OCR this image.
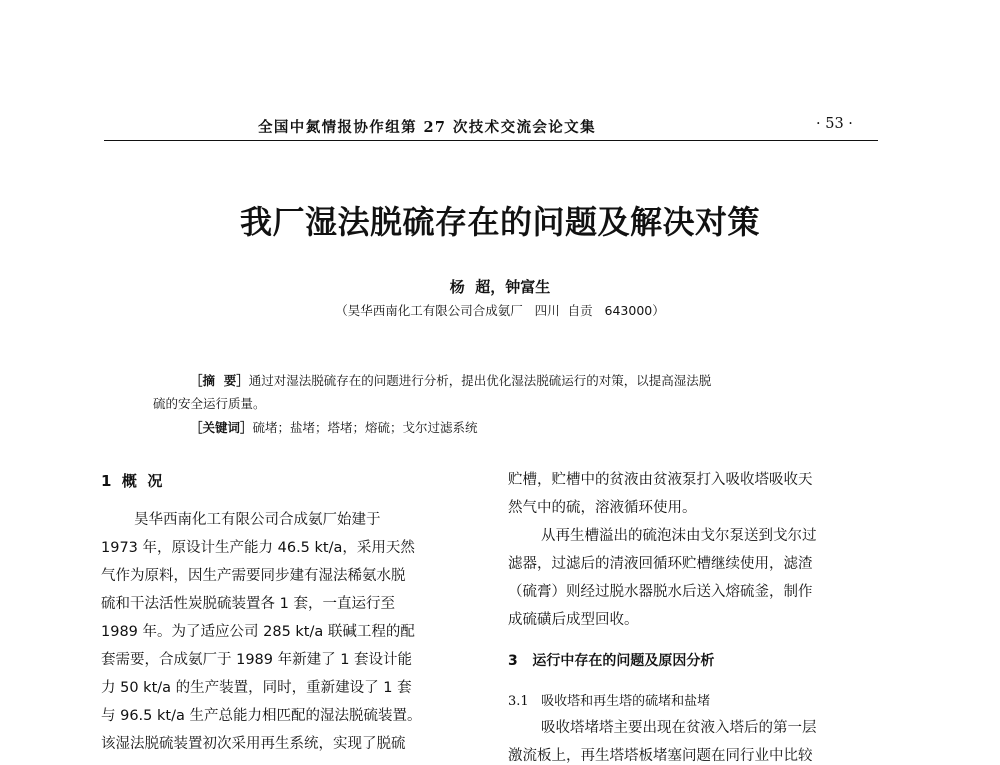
全国中氮情报协作组第 27 次技术交流会论文集	· 53 ·
我厂湿法脱硫存在的问题及解决对策
杨  超，钟富生
（昊华西南化工有限公司合成氨厂   四川  自贡   643000）
［摘  要］通过对湿法脱硫存在的问题进行分析，提出优化湿法脱硫运行的对策，以提高湿法脱
硫的安全运行质量。
［关键词］硫堵；盐堵；塔堵；熔硫；戈尔过滤系统
1  概  况
昊华西南化工有限公司合成氨厂始建于
1973 年，原设计生产能力 46.5 kt/a，采用天然
气作为原料，因生产需要同步建有湿法稀氨水脱
硫和干法活性炭脱硫装置各 1 套，一直运行至
1989 年。为了适应公司 285 kt/a 联碱工程的配
套需要，合成氨厂于 1989 年新建了 1 套设计能
力 50 kt/a 的生产装置，同时，重新建设了 1 套
与 96.5 kt/a 生产总能力相匹配的湿法脱硫装置。
该湿法脱硫装置初次采用再生系统，实现了脱硫
贮槽，贮槽中的贫液由贫液泵打入吸收塔吸收天
然气中的硫，溶液循环使用。
从再生槽溢出的硫泡沫由戈尔泵送到戈尔过
滤器，过滤后的清液回循环贮槽继续使用，滤渣
（硫膏）则经过脱水器脱水后送入熔硫釜，制作
成硫磺后成型回收。
3   运行中存在的问题及原因分析
3.1   吸收塔和再生塔的硫堵和盐堵
吸收塔堵塔主要出现在贫液入塔后的第一层
激流板上，再生塔塔板堵塞问题在同行业中比较
